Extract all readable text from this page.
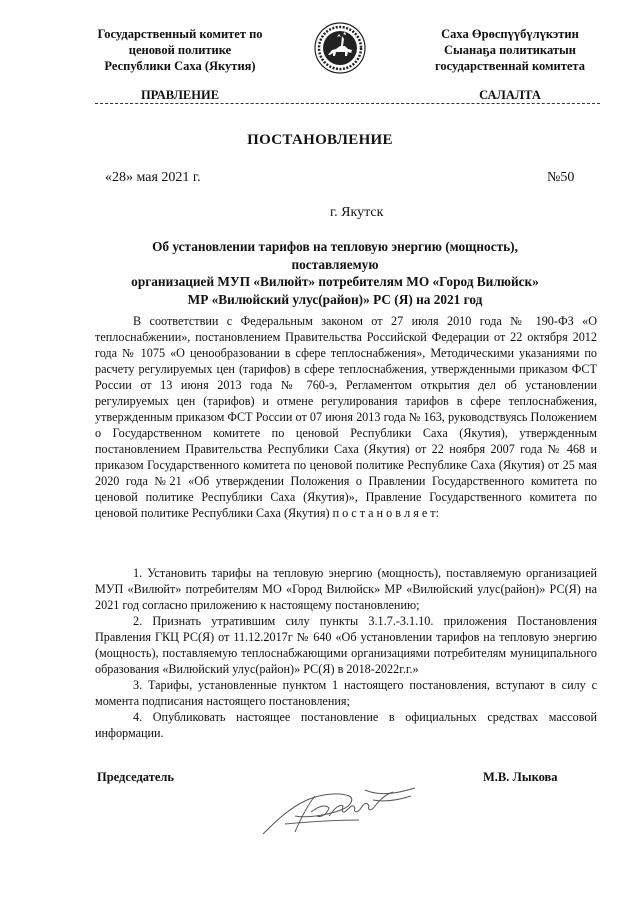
Государственный комитет по
ценовой политике
Республики Саха (Якутия)
Саха Өрөспүүбүлүкэтин
Сыанаҕа политикатын
государственнай комитета
ПРАВЛЕНИЕ	САЛАЛТА
ПОСТАНОВЛЕНИЕ
«28» мая 2021 г.	№50
г. Якутск
Об установлении тарифов на тепловую энергию (мощность), поставляемую
организацией МУП «Вилюйт» потребителям МО «Город Вилюйск»
МР «Вилюйский улус(район)» РС (Я) на 2021 год

В соответствии с Федеральным законом от 27 июля 2010 года № 190-ФЗ «О теплоснабжении», постановлением Правительства Российской Федерации от 22 октября 2012 года № 1075 «О ценообразовании в сфере теплоснабжения», Методическими указаниями по расчету регулируемых цен (тарифов) в сфере теплоснабжения, утвержденными приказом ФСТ России от 13 июня 2013 года № 760-э, Регламентом открытия дел об установлении регулируемых цен (тарифов) и отмене регулирования тарифов в сфере теплоснабжения, утвержденным приказом ФСТ России от 07 июня 2013 года № 163, руководствуясь Положением о Государственном комитете по ценовой Республики Саха (Якутия), утвержденным постановлением Правительства Республики Саха (Якутия) от 22 ноября 2007 года № 468 и приказом Государственного комитета по ценовой политике Республике Саха (Якутия) от 25 мая 2020 года №21 «Об утверждении Положения о Правлении Государственного комитета по ценовой политике Республики Саха (Якутия)», Правление Государственного комитета по ценовой политике Республики Саха (Якутия) п о с т а н о в л я е т:

1. Установить тарифы на тепловую энергию (мощность), поставляемую организацией МУП «Вилюйт» потребителям МО «Город Вилюйск» МР «Вилюйский улус(район)» РС(Я) на 2021 год согласно приложению к настоящему постановлению;

2. Признать утратившим силу пункты 3.1.7.-3.1.10. приложения Постановления Правления ГКЦ РС(Я) от 11.12.2017г № 640 «Об установлении тарифов на тепловую энергию (мощность), поставляемую теплоснабжающими организациями потребителям муниципального образования «Вилюйский улус(район)» РС(Я) в 2018-2022г.г.»

3. Тарифы, установленные пунктом 1 настоящего постановления, вступают в силу с момента подписания настоящего постановления;

4. Опубликовать настоящее постановление в официальных средствах массовой информации.

Председатель	М.В. Лыкова
